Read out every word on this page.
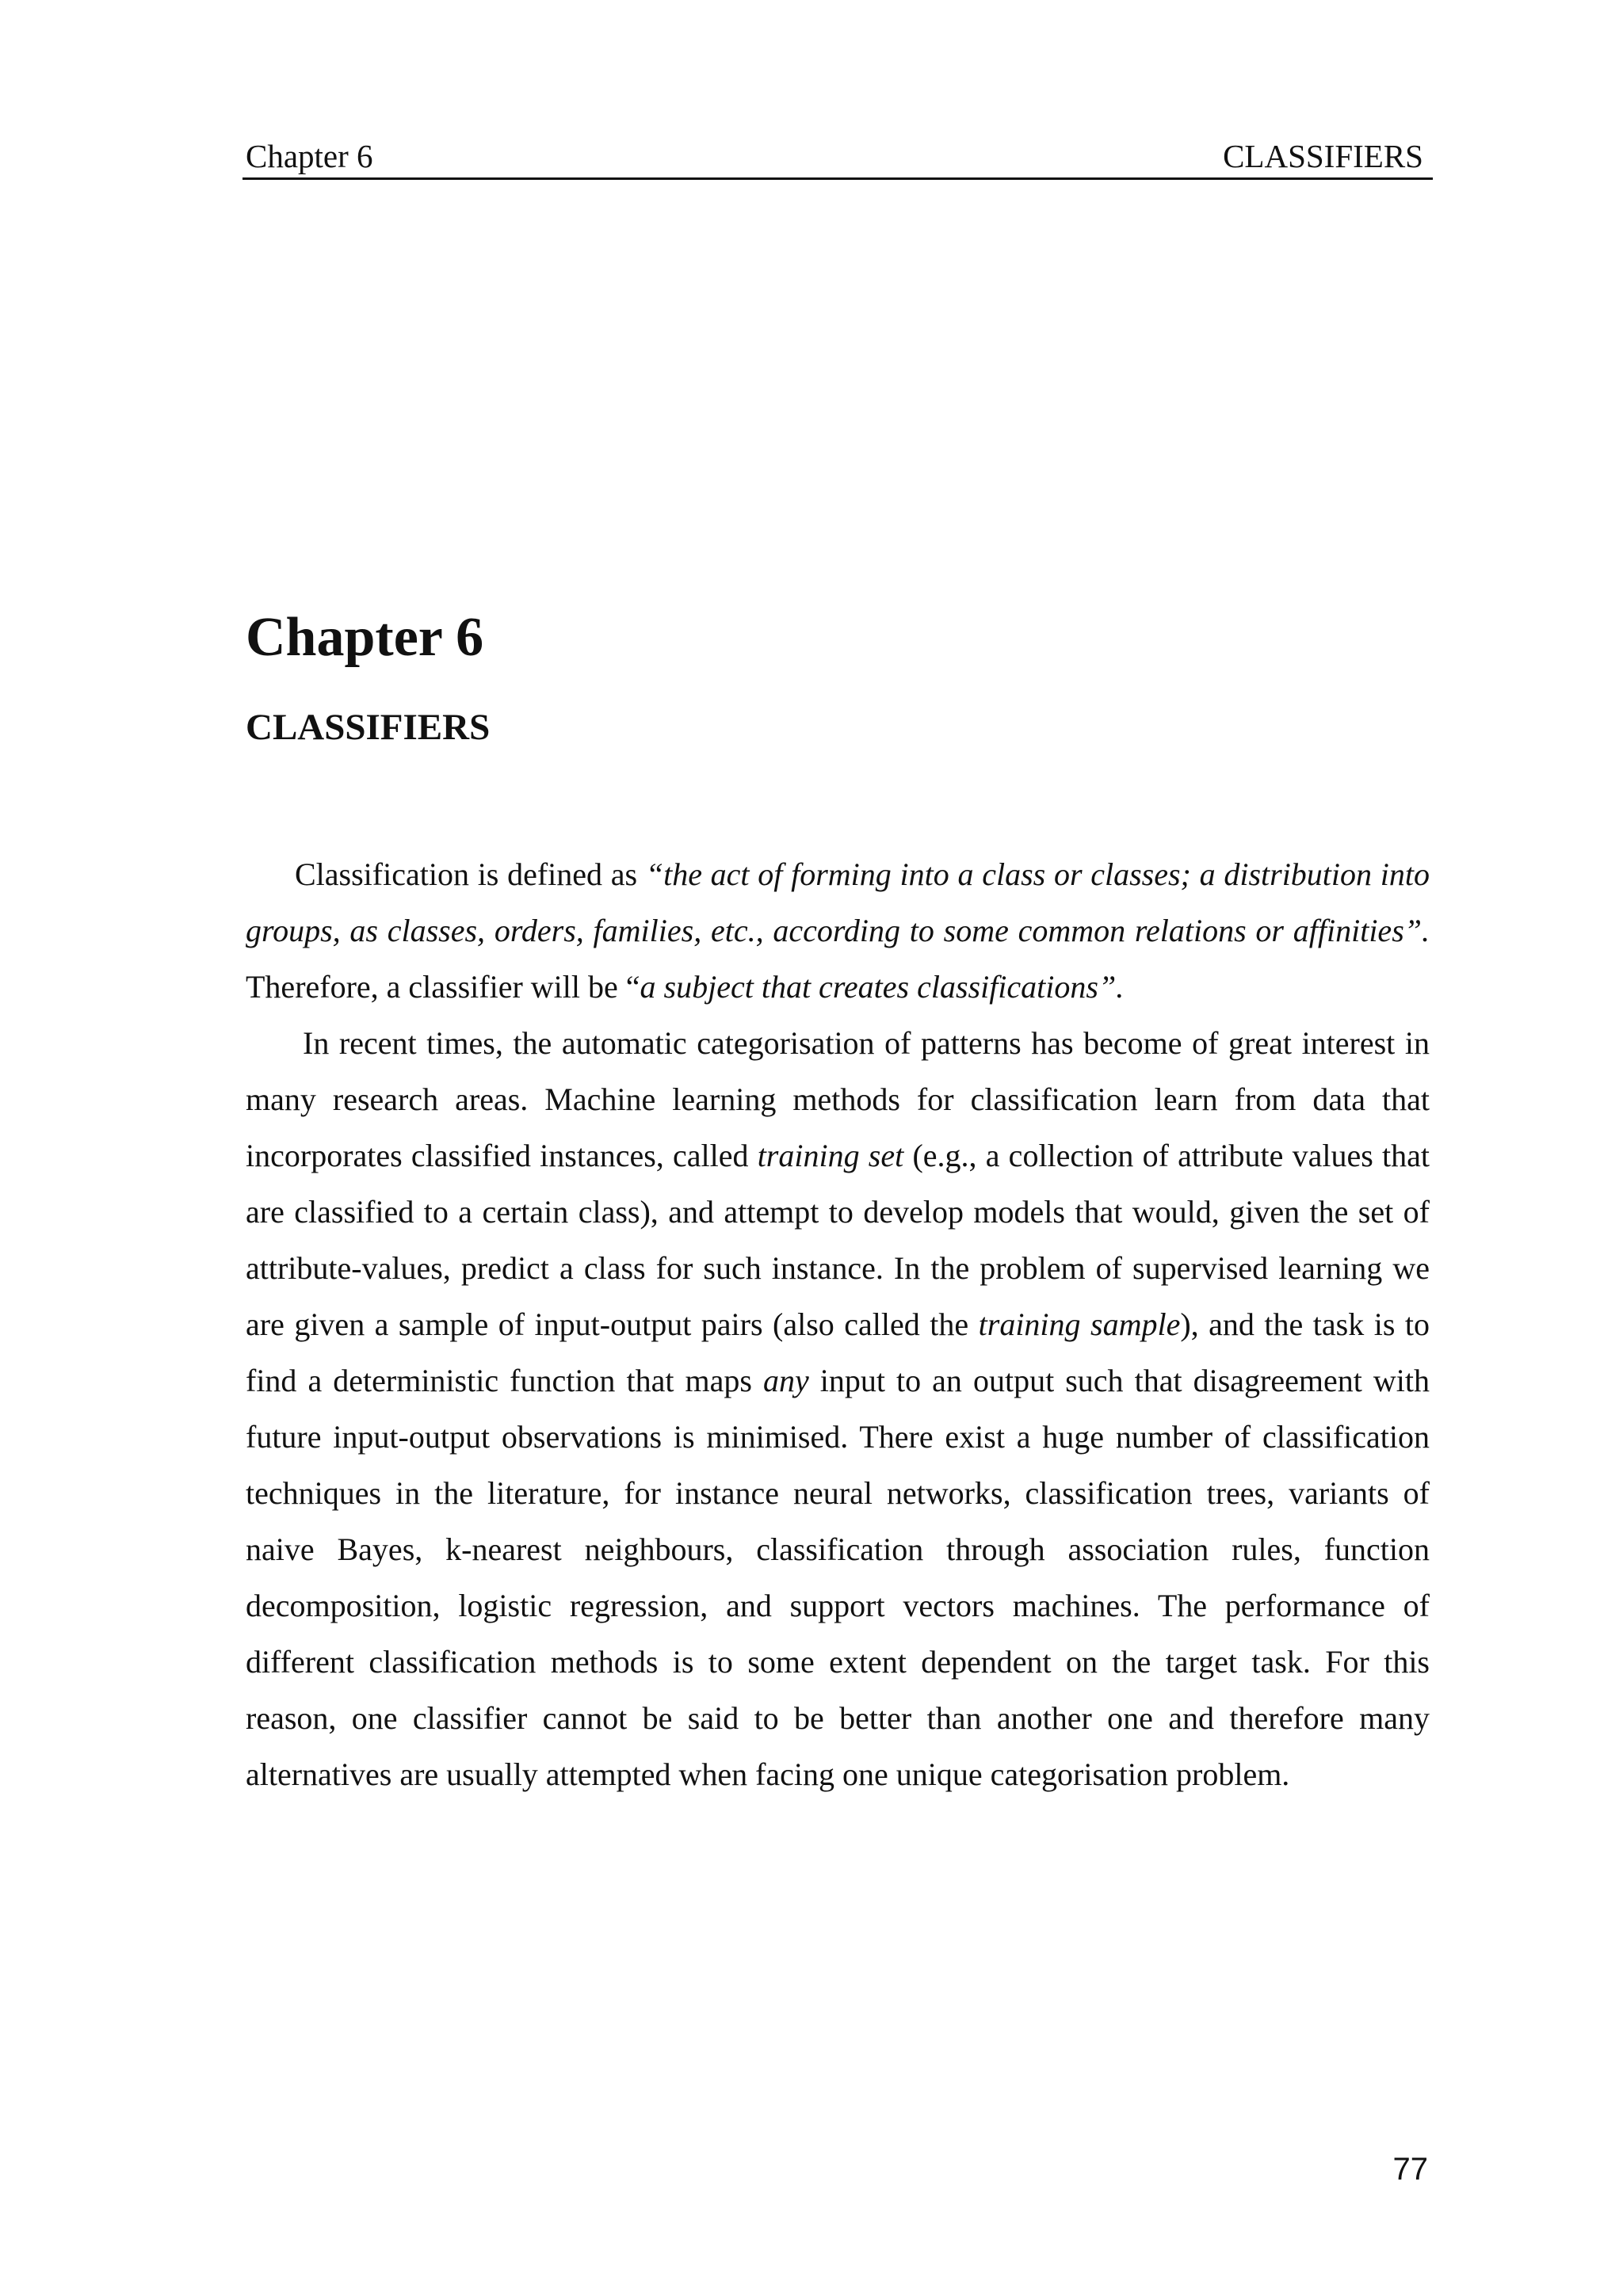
Chapter 6	CLASSIFIERS
Chapter 6
CLASSIFIERS

Classification is defined as “the act of forming into a class or classes; a distribution into groups, as classes, orders, families, etc., according to some common relations or affinities”. Therefore, a classifier will be “a subject that creates classifications”.

In recent times, the automatic categorisation of patterns has become of great interest in many research areas. Machine learning methods for classification learn from data that incorporates classified instances, called training set (e.g., a collection of attribute values that are classified to a certain class), and attempt to develop models that would, given the set of attribute-values, predict a class for such instance. In the problem of supervised learning we are given a sample of input-output pairs (also called the training sample), and the task is to find a deterministic function that maps any input to an output such that disagreement with future input-output observations is minimised. There exist a huge number of classification techniques in the literature, for instance neural networks, classification trees, variants of naive Bayes, k-nearest neighbours, classification through association rules, function decomposition, logistic regression, and support vectors machines. The performance of different classification methods is to some extent dependent on the target task. For this reason, one classifier cannot be said to be better than another one and therefore many alternatives are usually attempted when facing one unique categorisation problem.

77
